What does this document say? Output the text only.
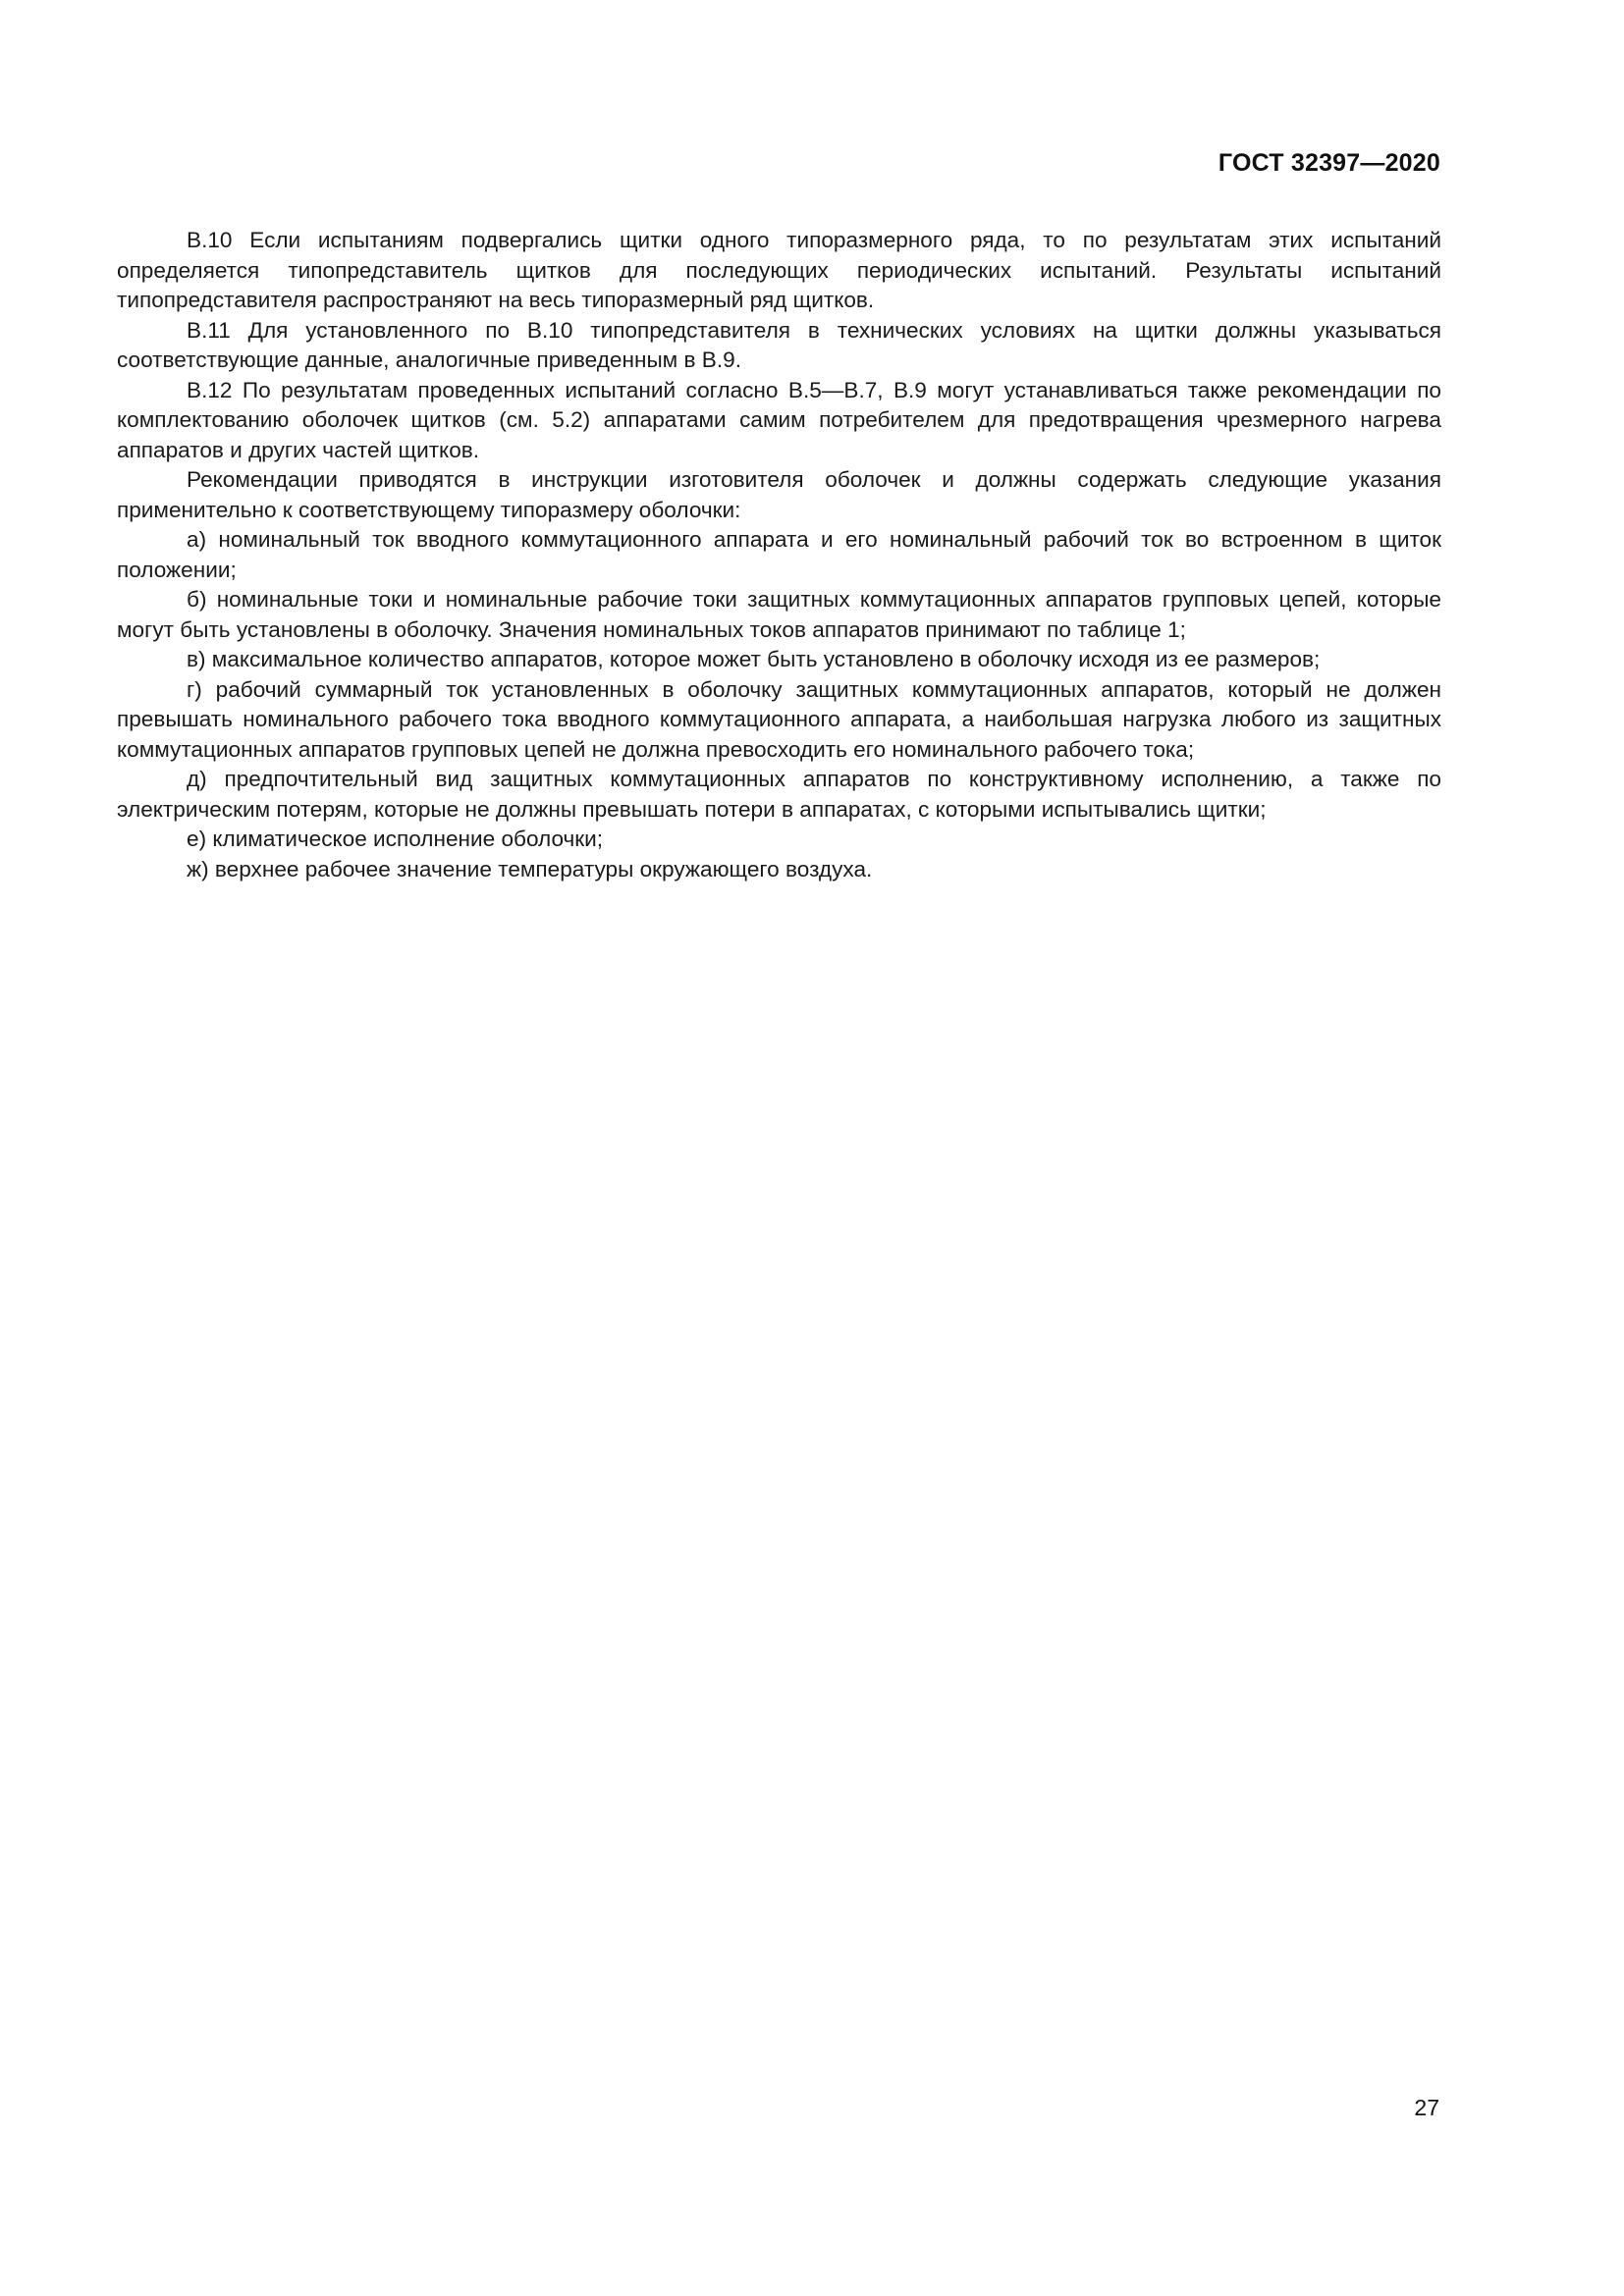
ГОСТ 32397—2020

В.10 Если испытаниям подвергались щитки одного типоразмерного ряда, то по результатам этих испытаний определяется типопредставитель щитков для последующих периодических испытаний. Результаты испытаний типопредставителя распространяют на весь типоразмерный ряд щитков.

В.11 Для установленного по В.10 типопредставителя в технических условиях на щитки должны указываться соответствующие данные, аналогичные приведенным в В.9.

В.12 По результатам проведенных испытаний согласно В.5—В.7, В.9 могут устанавливаться также рекомендации по комплектованию оболочек щитков (см. 5.2) аппаратами самим потребителем для предотвращения чрезмерного нагрева аппаратов и других частей щитков.

Рекомендации приводятся в инструкции изготовителя оболочек и должны содержать следующие указания применительно к соответствующему типоразмеру оболочки:

а) номинальный ток вводного коммутационного аппарата и его номинальный рабочий ток во встроенном в щиток положении;

б) номинальные токи и номинальные рабочие токи защитных коммутационных аппаратов групповых цепей, которые могут быть установлены в оболочку. Значения номинальных токов аппаратов принимают по таблице 1;

в) максимальное количество аппаратов, которое может быть установлено в оболочку исходя из ее размеров;

г) рабочий суммарный ток установленных в оболочку защитных коммутационных аппаратов, который не должен превышать номинального рабочего тока вводного коммутационного аппарата, а наибольшая нагрузка любого из защитных коммутационных аппаратов групповых цепей не должна превосходить его номинального рабочего тока;

д) предпочтительный вид защитных коммутационных аппаратов по конструктивному исполнению, а также по электрическим потерям, которые не должны превышать потери в аппаратах, с которыми испытывались щитки;

е) климатическое исполнение оболочки;

ж) верхнее рабочее значение температуры окружающего воздуха.

27
